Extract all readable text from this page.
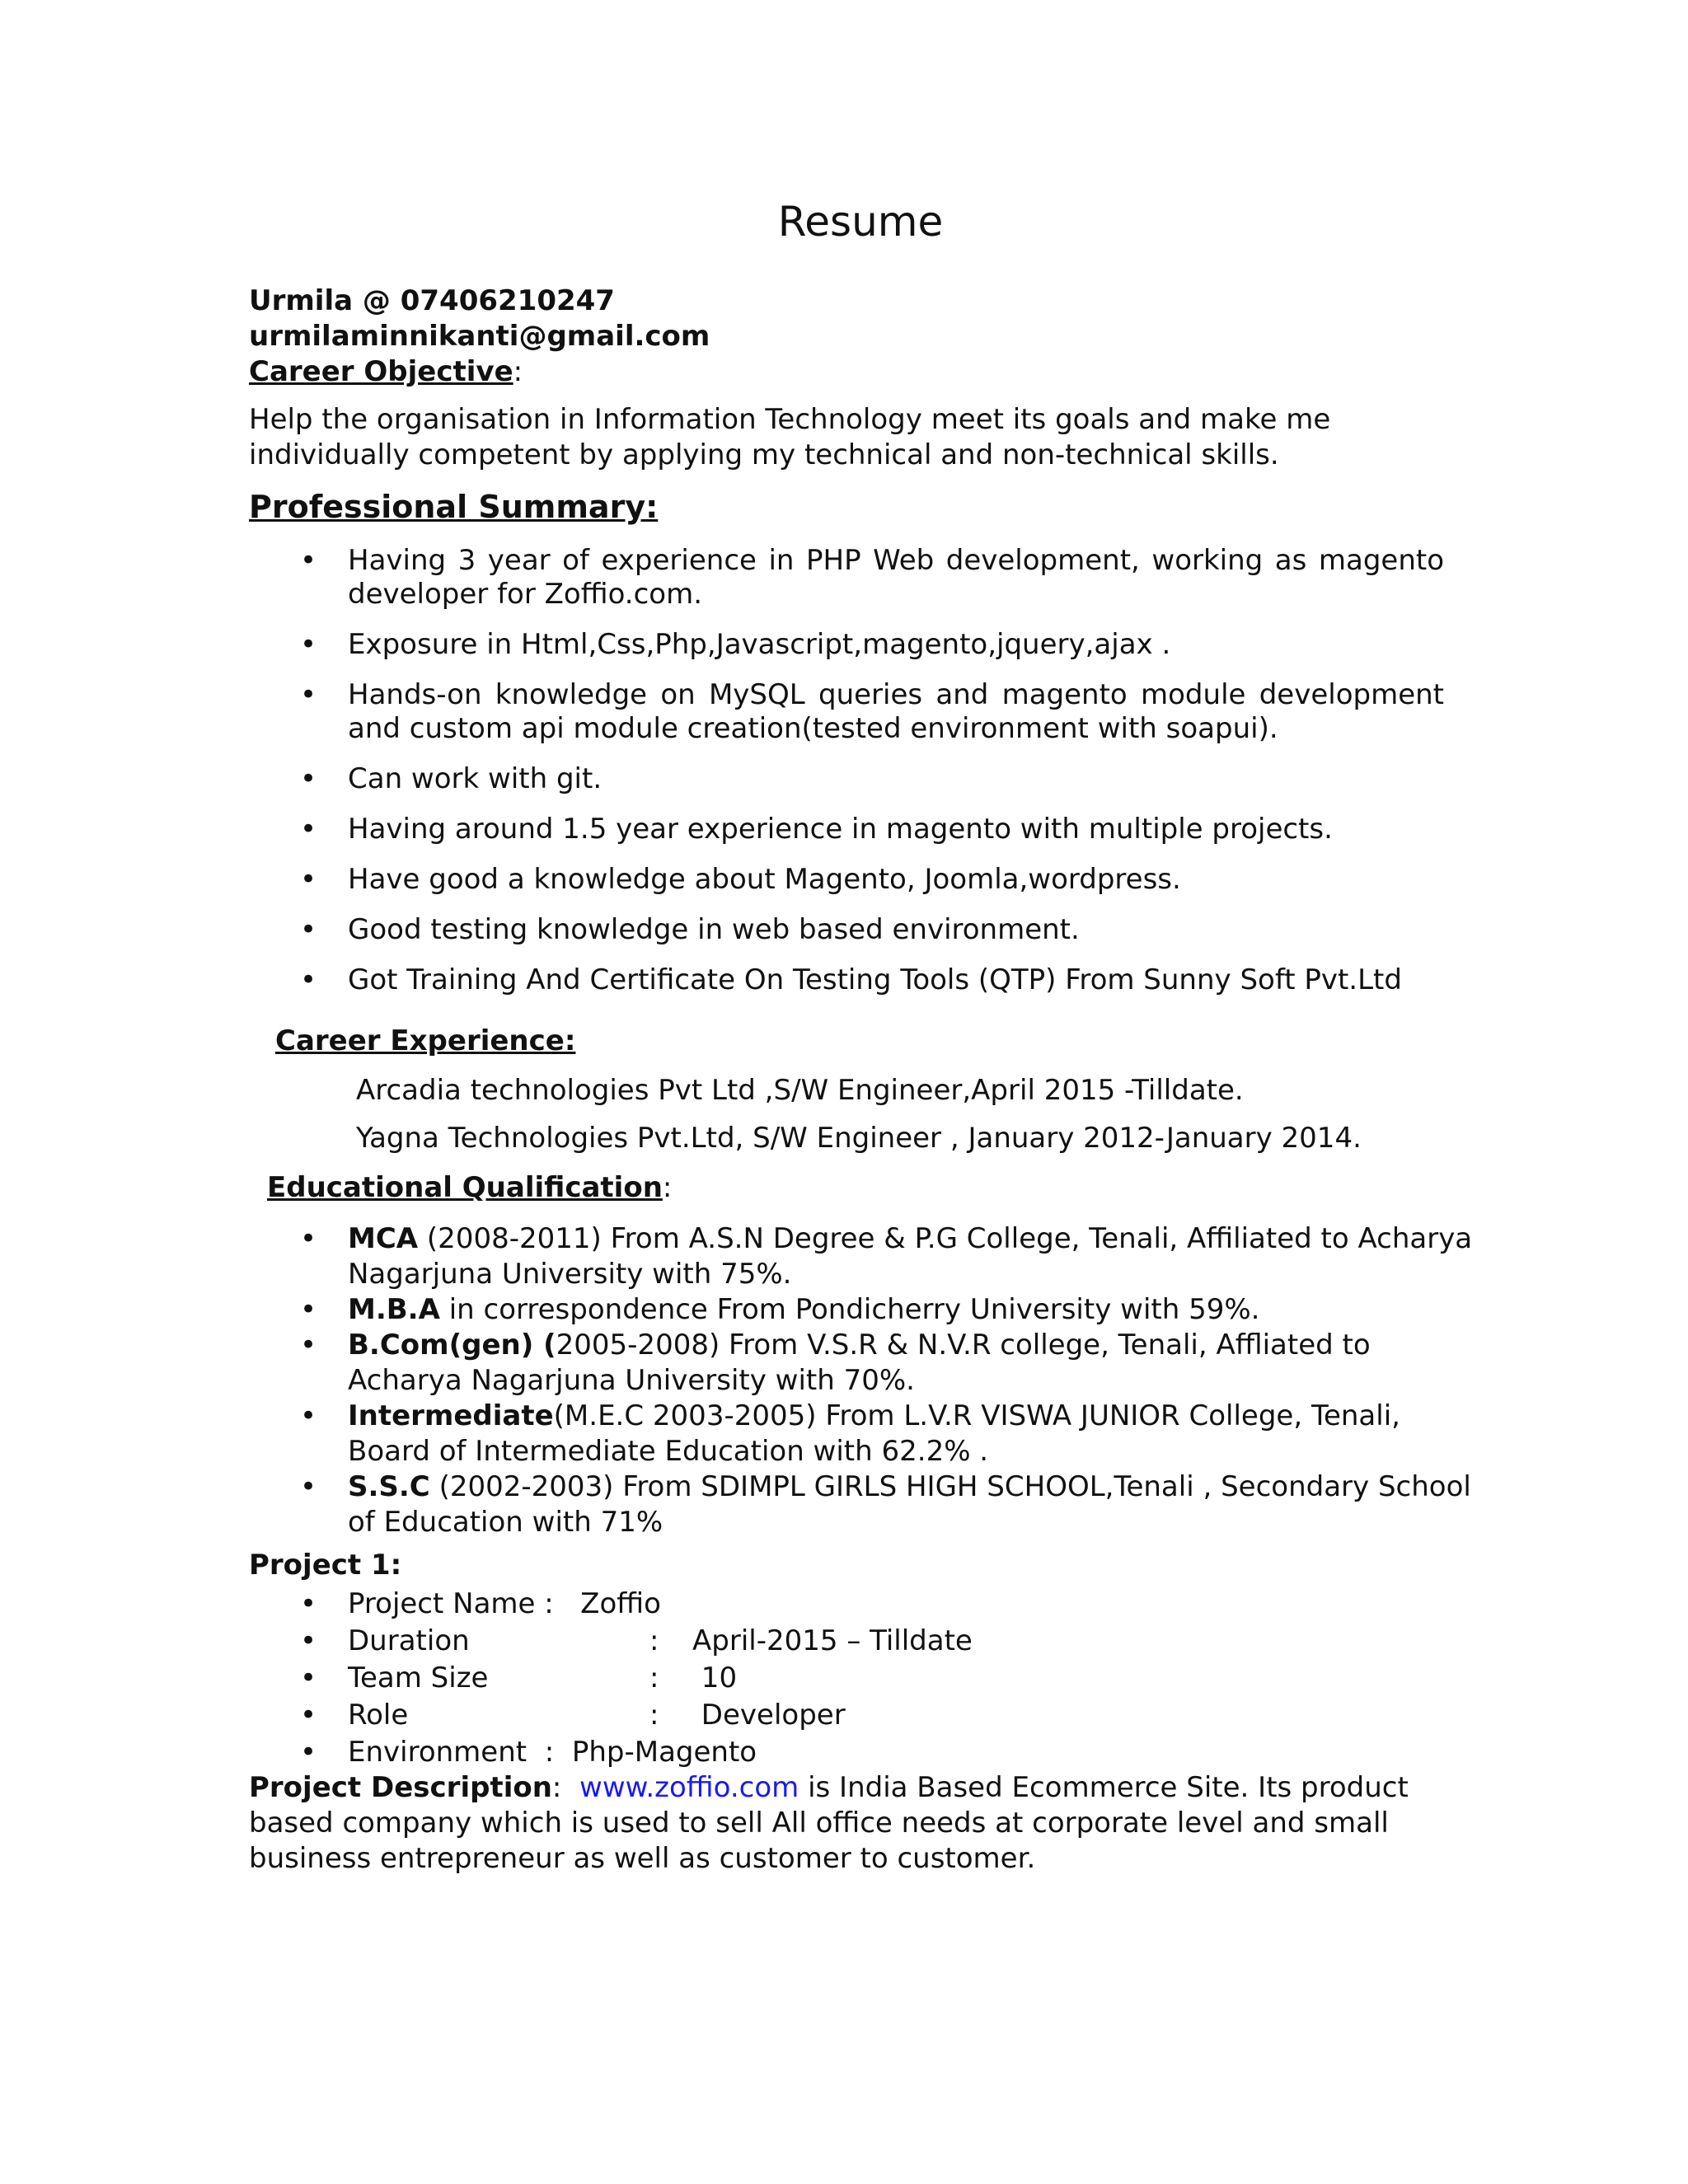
Resume
Urmila @ 07406210247
urmilaminnikanti@gmail.com
Career Objective:
Help the organisation in Information Technology meet its goals and make me
individually competent by applying my technical and non-technical skills.
Professional Summary:
• Having 3 year of experience in PHP Web development, working as magento developer for Zoffio.com.
• Exposure in Html,Css,Php,Javascript,magento,jquery,ajax .
• Hands-on knowledge on MySQL queries and magento module development and custom api module creation(tested environment with soapui).
• Can work with git.
• Having around 1.5 year experience in magento with multiple projects.
• Have good a knowledge about Magento, Joomla,wordpress.
• Good testing knowledge in web based environment.
• Got Training And Certificate On Testing Tools (QTP) From Sunny Soft Pvt.Ltd
Career Experience:
Arcadia technologies Pvt Ltd ,S/W Engineer,April 2015 -Tilldate.
Yagna Technologies Pvt.Ltd, S/W Engineer , January 2012-January 2014.
Educational Qualification:
• MCA (2008-2011) From A.S.N Degree & P.G College, Tenali, Affiliated to Acharya Nagarjuna University with 75%.
• M.B.A in correspondence From Pondicherry University with 59%.
• B.Com(gen) (2005-2008) From V.S.R & N.V.R college, Tenali, Affliated to Acharya Nagarjuna University with 70%.
• Intermediate(M.E.C 2003-2005) From L.V.R VISWA JUNIOR College, Tenali, Board of Intermediate Education with 62.2% .
• S.S.C (2002-2003) From SDIMPL GIRLS HIGH SCHOOL,Tenali , Secondary School of Education with 71%
Project 1:
• Project Name : Zoffio
• Duration	: April-2015 – Tilldate
• Team Size	: 10
• Role	: Developer
• Environment : Php-Magento
Project Description: www.zoffio.com is India Based Ecommerce Site. Its product based company which is used to sell All office needs at corporate level and small business entrepreneur as well as customer to customer.
